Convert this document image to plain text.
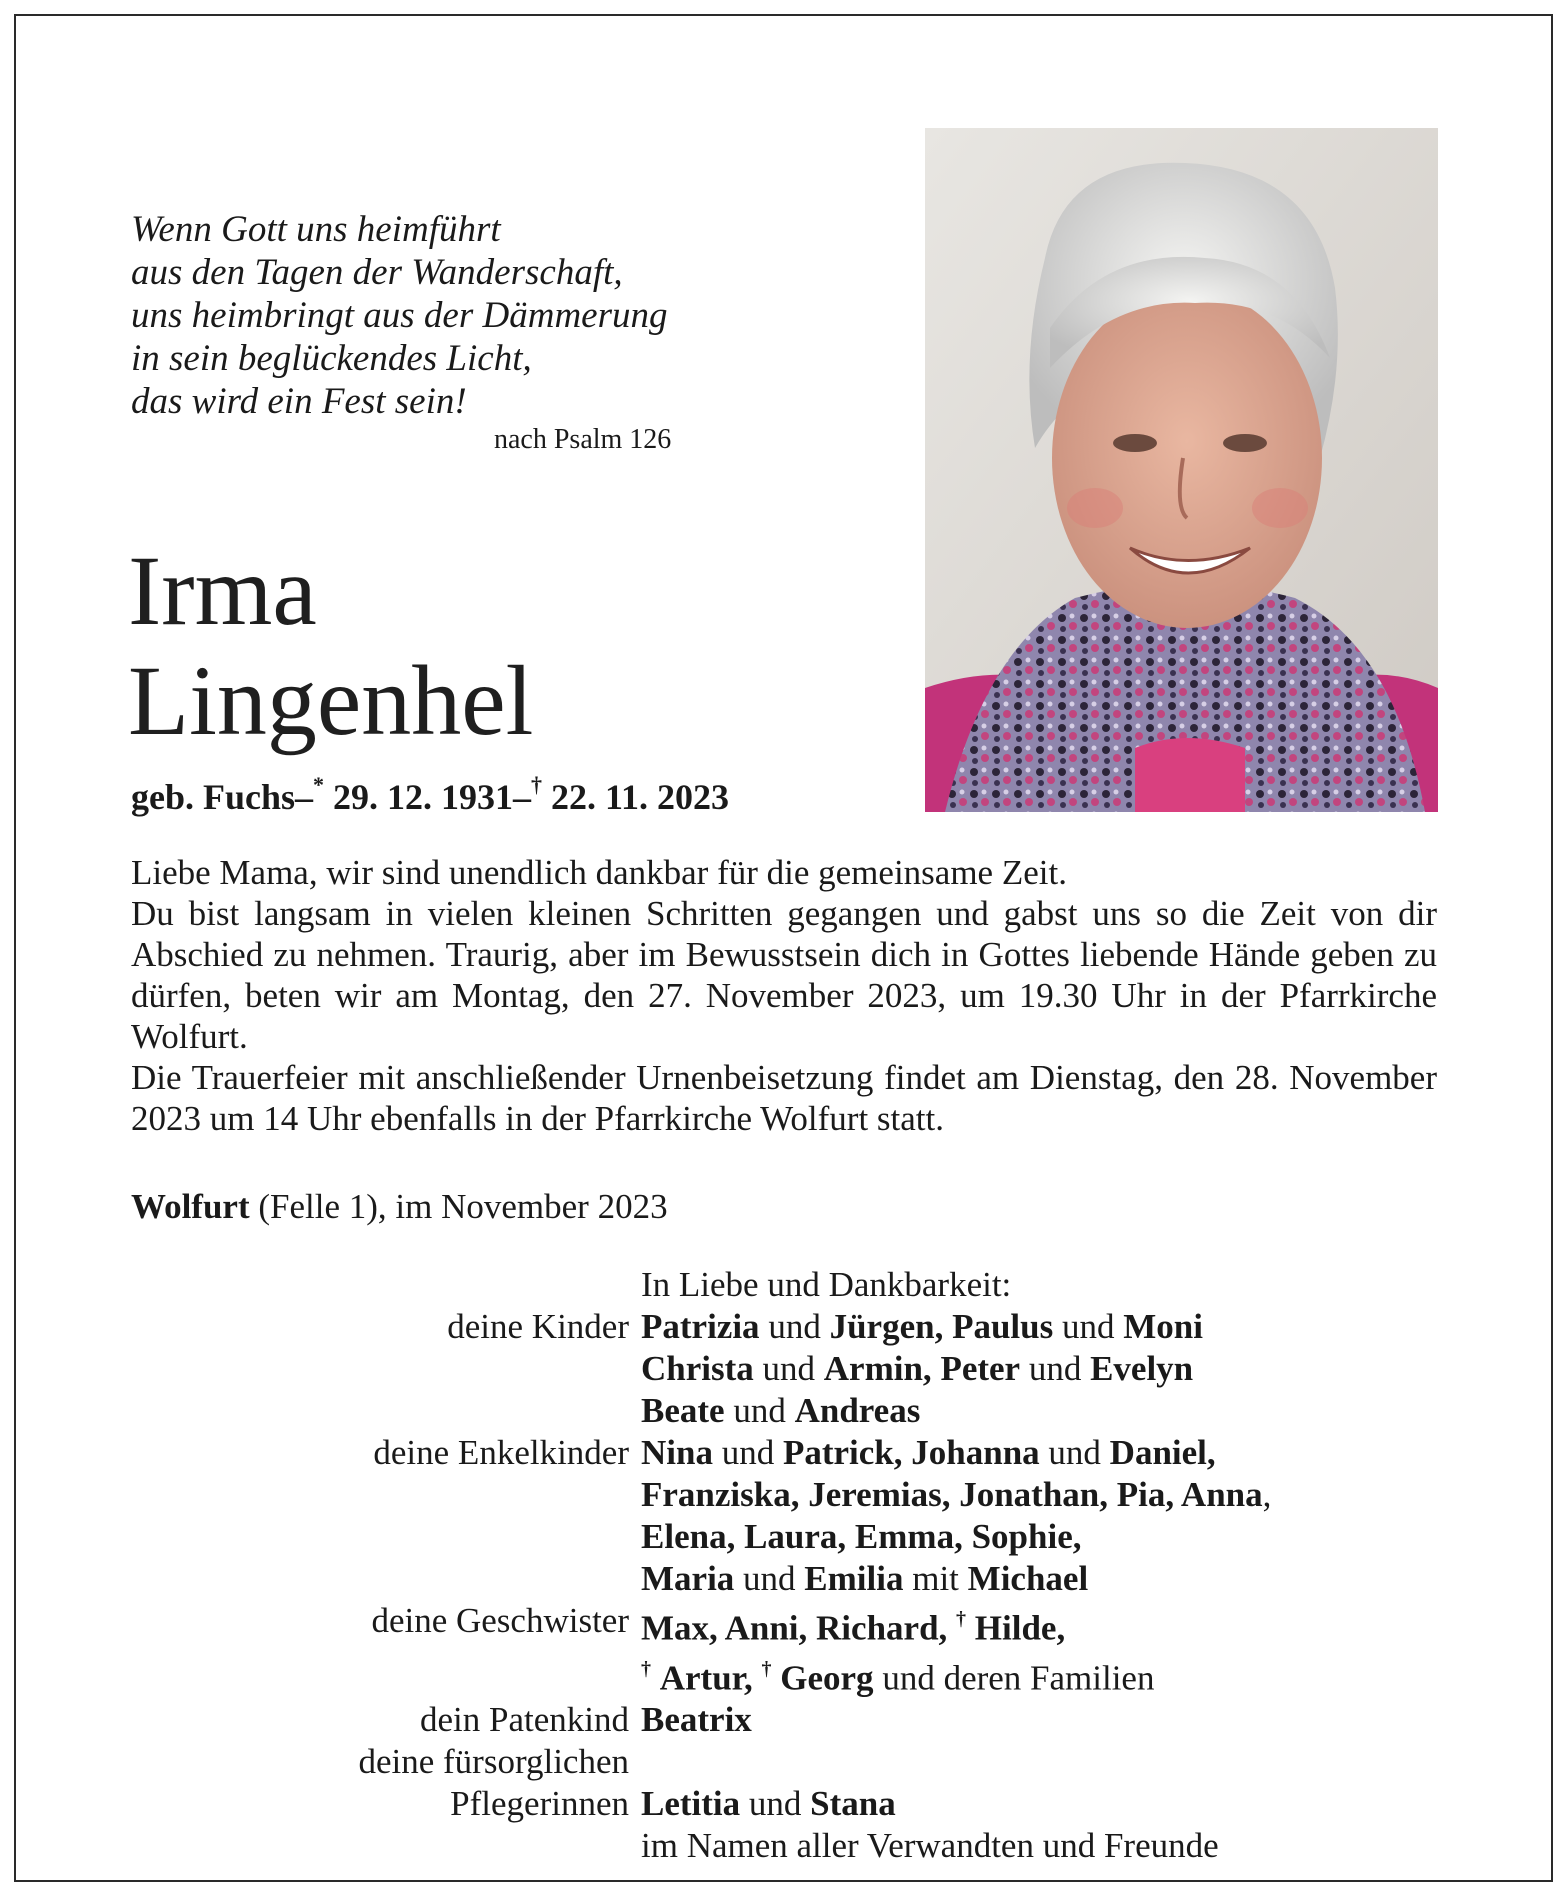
Wenn Gott uns heimführt
aus den Tagen der Wanderschaft,
uns heimbringt aus der Dämmerung
in sein beglückendes Licht,
das wird ein Fest sein!
nach Psalm 126
Irma
Lingenhel
geb. Fuchs–* 29. 12. 1931–† 22. 11. 2023

Liebe Mama, wir sind unendlich dankbar für die gemeinsame Zeit.

Du bist langsam in vielen kleinen Schritten gegangen und gabst uns so die Zeit von dir Abschied zu nehmen. Traurig, aber im Bewusstsein dich in Gottes liebende Hände geben zu dürfen, beten wir am Montag, den 27. November 2023, um 19.30 Uhr in der Pfarrkirche Wolfurt.

Die Trauerfeier mit anschließender Urnenbeisetzung findet am Dienstag, den 28. November 2023 um 14 Uhr ebenfalls in der Pfarrkirche Wolfurt statt.

Wolfurt (Felle 1), im November 2023
In Liebe und Dankbarkeit:
deine Kinder Patrizia und Jürgen, Paulus und Moni
Christa und Armin, Peter und Evelyn
Beate und Andreas
deine Enkelkinder Nina und Patrick, Johanna und Daniel,
Franziska, Jeremias, Jonathan, Pia, Anna,
Elena, Laura, Emma, Sophie,
Maria und Emilia mit Michael
deine Geschwister Max, Anni, Richard, † Hilde,
† Artur, † Georg und deren Familien
dein Patenkind Beatrix
deine fürsorglichen
Pflegerinnen Letitia und Stana
im Namen aller Verwandten und Freunde
